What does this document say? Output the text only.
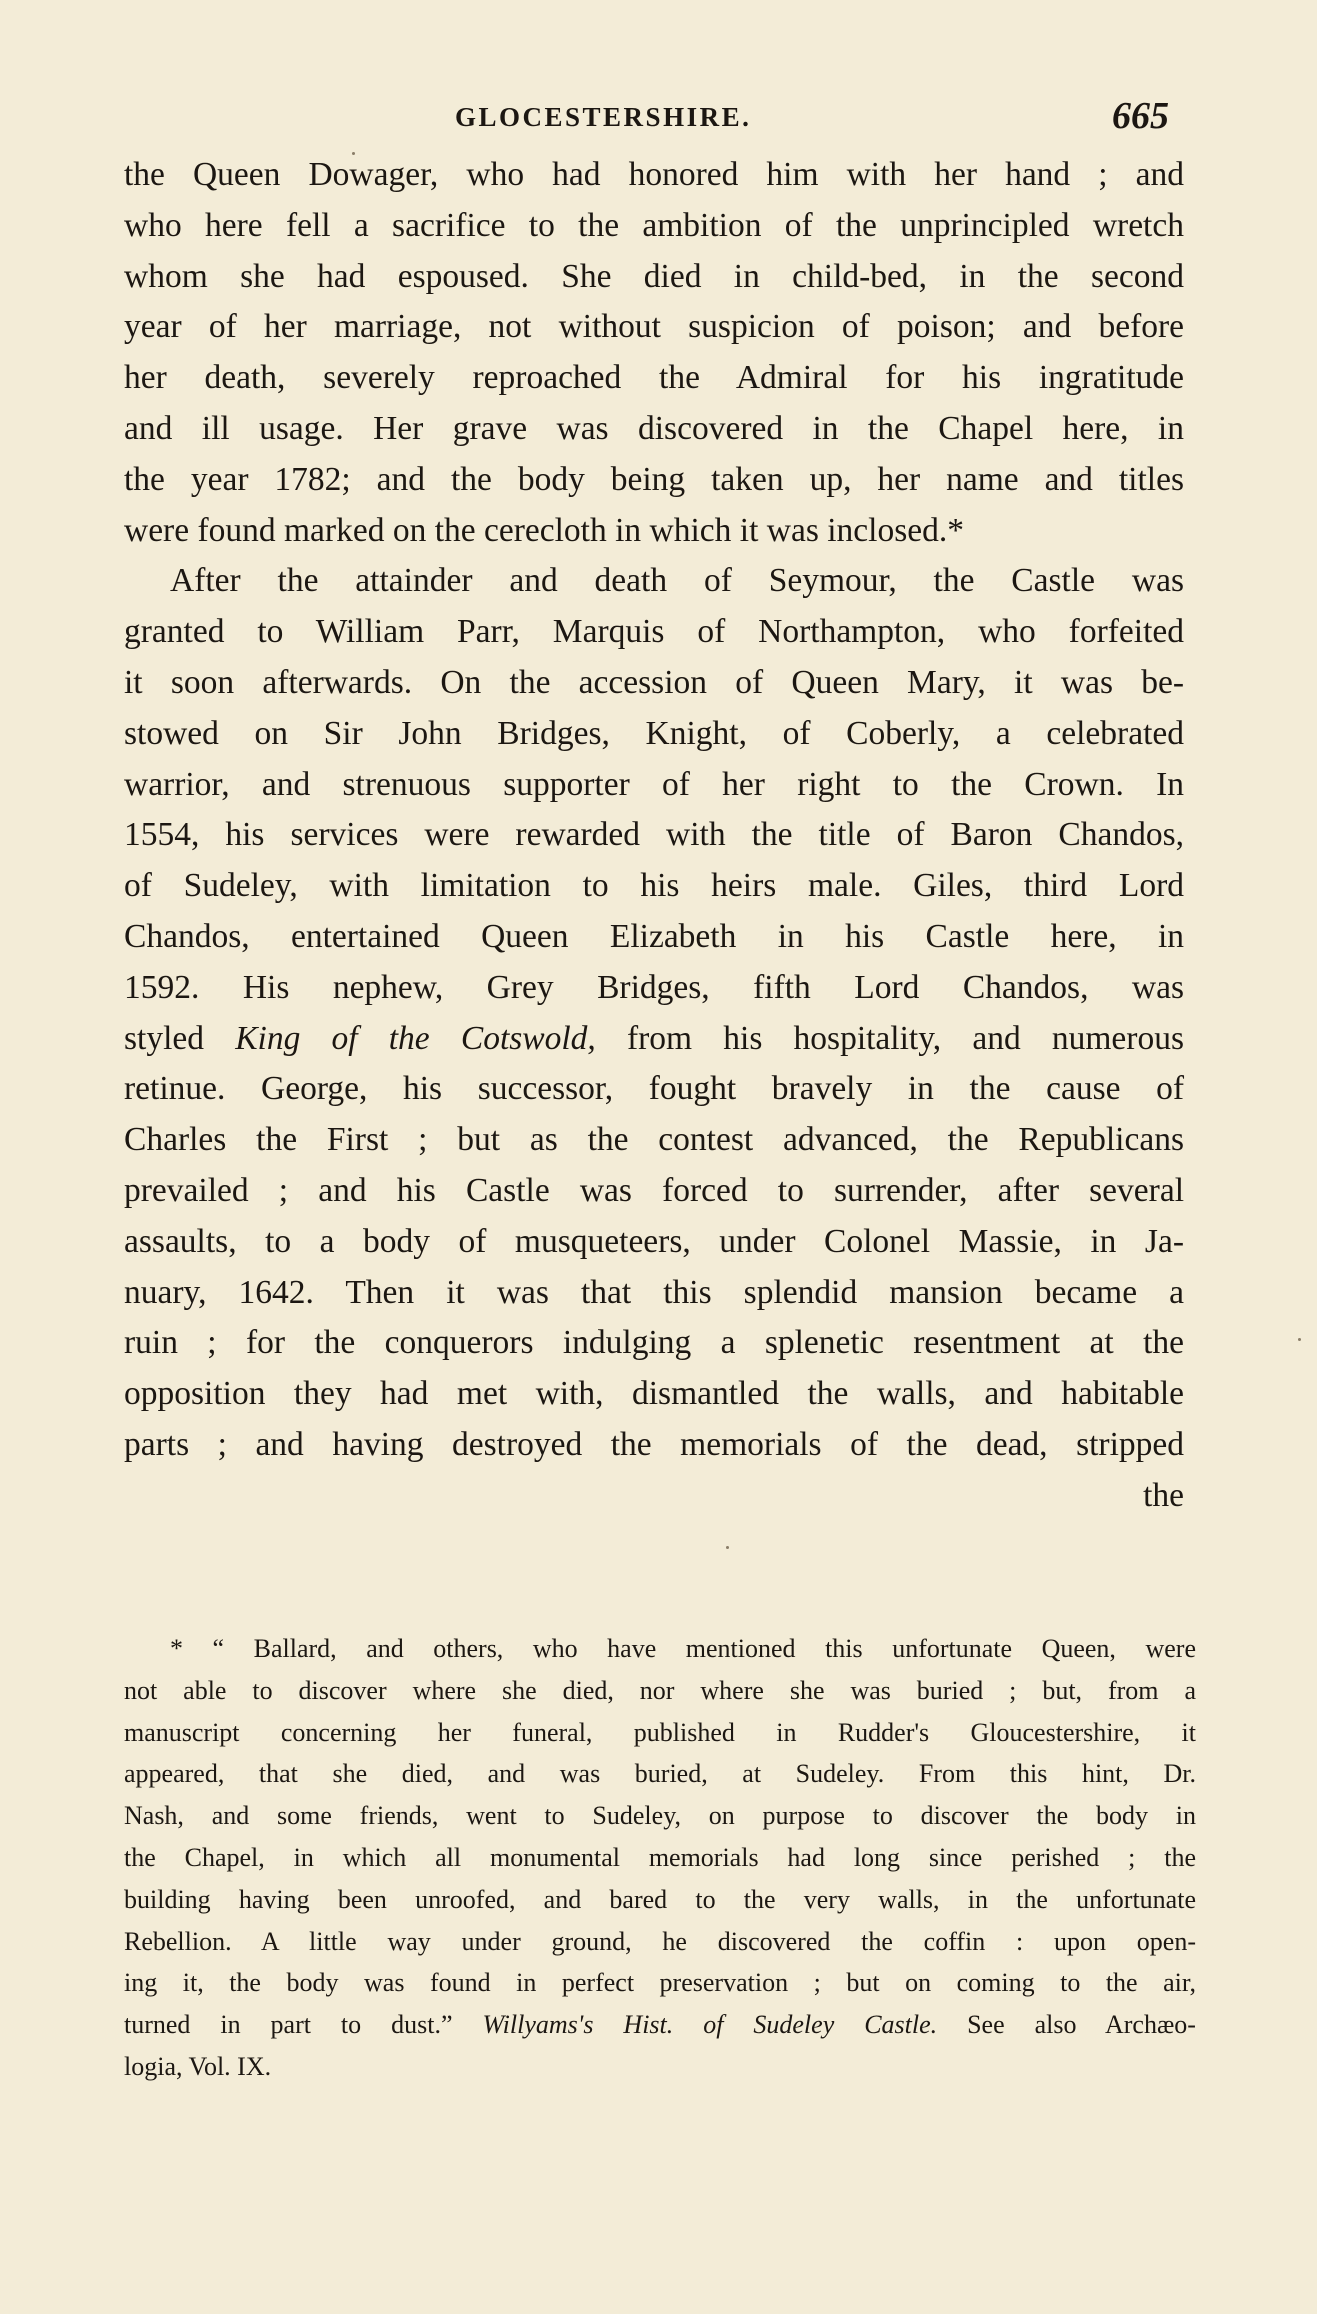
GLOCESTERSHIRE.	665
the Queen Dowager, who had honored him with her hand ; and
who here fell a sacrifice to the ambition of the unprincipled wretch
whom she had espoused. She died in child-bed, in the second
year of her marriage, not without suspicion of poison; and before
her death, severely reproached the Admiral for his ingratitude
and ill usage. Her grave was discovered in the Chapel here, in
the year 1782; and the body being taken up, her name and titles
were found marked on the cerecloth in which it was inclosed.*
After the attainder and death of Seymour, the Castle was
granted to William Parr, Marquis of Northampton, who forfeited
it soon afterwards. On the accession of Queen Mary, it was be-
stowed on Sir John Bridges, Knight, of Coberly, a celebrated
warrior, and strenuous supporter of her right to the Crown. In
1554, his services were rewarded with the title of Baron Chandos,
of Sudeley, with limitation to his heirs male. Giles, third Lord
Chandos, entertained Queen Elizabeth in his Castle here, in
1592. His nephew, Grey Bridges, fifth Lord Chandos, was
styled King of the Cotswold, from his hospitality, and numerous
retinue. George, his successor, fought bravely in the cause of
Charles the First ; but as the contest advanced, the Republicans
prevailed ; and his Castle was forced to surrender, after several
assaults, to a body of musqueteers, under Colonel Massie, in Ja-
nuary, 1642. Then it was that this splendid mansion became a
ruin ; for the conquerors indulging a splenetic resentment at the
opposition they had met with, dismantled the walls, and habitable
parts ; and having destroyed the memorials of the dead, stripped
the
* “ Ballard, and others, who have mentioned this unfortunate Queen, were
not able to discover where she died, nor where she was buried ; but, from a
manuscript concerning her funeral, published in Rudder's Gloucestershire, it
appeared, that she died, and was buried, at Sudeley. From this hint, Dr.
Nash, and some friends, went to Sudeley, on purpose to discover the body in
the Chapel, in which all monumental memorials had long since perished ; the
building having been unroofed, and bared to the very walls, in the unfortunate
Rebellion. A little way under ground, he discovered the coffin : upon open-
ing it, the body was found in perfect preservation ; but on coming to the air,
turned in part to dust.” Willyams's Hist. of Sudeley Castle. See also Archæo-
logia, Vol. IX.
